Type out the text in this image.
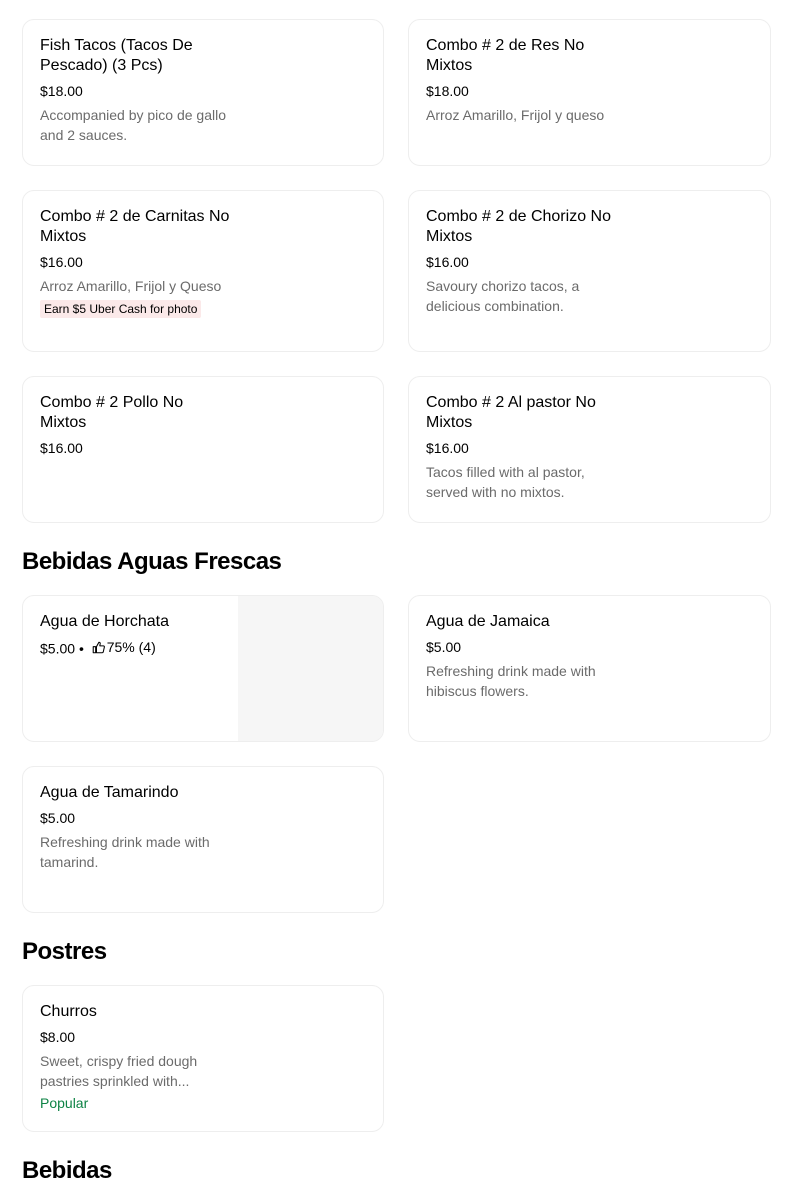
Fish Tacos (Tacos De Pescado) (3 Pcs)
$18.00
Accompanied by pico de gallo and 2 sauces.
Combo # 2 de Res No Mixtos
$18.00
Arroz Amarillo, Frijol y queso
Combo # 2 de Carnitas No Mixtos
$16.00
Arroz Amarillo, Frijol y Queso
Earn $5 Uber Cash for photo
Combo # 2 de Chorizo No Mixtos
$16.00
Savoury chorizo tacos, a delicious combination.
Combo # 2 Pollo No Mixtos
$16.00
Combo # 2 Al pastor No Mixtos
$16.00
Tacos filled with al pastor, served with no mixtos.
Bebidas Aguas Frescas
Agua de Horchata
$5.00 • 75% (4)
Agua de Jamaica
$5.00
Refreshing drink made with hibiscus flowers.
Agua de Tamarindo
$5.00
Refreshing drink made with tamarind.
Postres
Churros
$8.00
Sweet, crispy fried dough pastries sprinkled with...
Popular
Bebidas
